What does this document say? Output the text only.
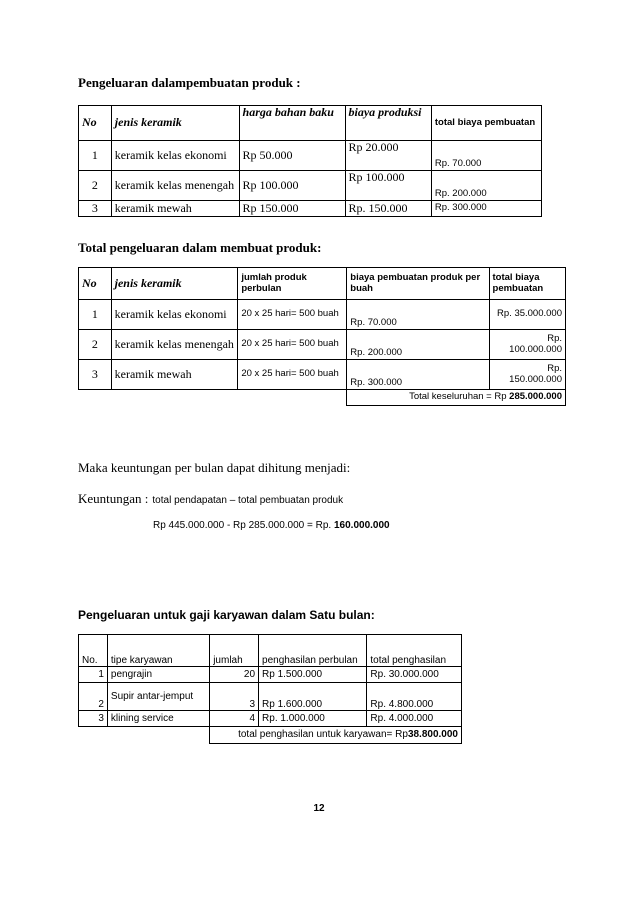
Pengeluaran dalampembuatan produk :
No	jenis keramik	harga bahan baku	biaya produksi	total biaya pembuatan
1	keramik kelas ekonomi	Rp 50.000	Rp 20.000	Rp. 70.000
2	keramik kelas menengah	Rp 100.000	Rp 100.000	Rp. 200.000
3	keramik mewah	Rp 150.000	Rp. 150.000	Rp. 300.000
Total pengeluaran dalam membuat produk:
No	jenis keramik	jumlah produk perbulan	biaya pembuatan produk per buah	total biaya pembuatan
1	keramik kelas ekonomi	20 x 25 hari= 500 buah	Rp. 70.000	Rp. 35.000.000
2	keramik kelas menengah	20 x 25 hari= 500 buah	Rp. 200.000	Rp. 100.000.000
3	keramik mewah	20 x 25 hari= 500 buah	Rp. 300.000	Rp. 150.000.000
			Total keseluruhan = Rp 285.000.000	
Maka keuntungan per bulan dapat dihitung menjadi:
Keuntungan : total pendapatan – total pembuatan produk
Rp 445.000.000 - Rp 285.000.000 = Rp. 160.000.000
Pengeluaran untuk gaji karyawan dalam Satu bulan:
No.	tipe karyawan	jumlah	penghasilan perbulan	total penghasilan
1	pengrajin	20	Rp 1.500.000	Rp. 30.000.000
2	Supir antar-jemput	3	Rp 1.600.000	Rp. 4.800.000
3	klining service	4	Rp. 1.000.000	Rp. 4.000.000
		total penghasilan untuk karyawan= Rp38.800.000		
12
